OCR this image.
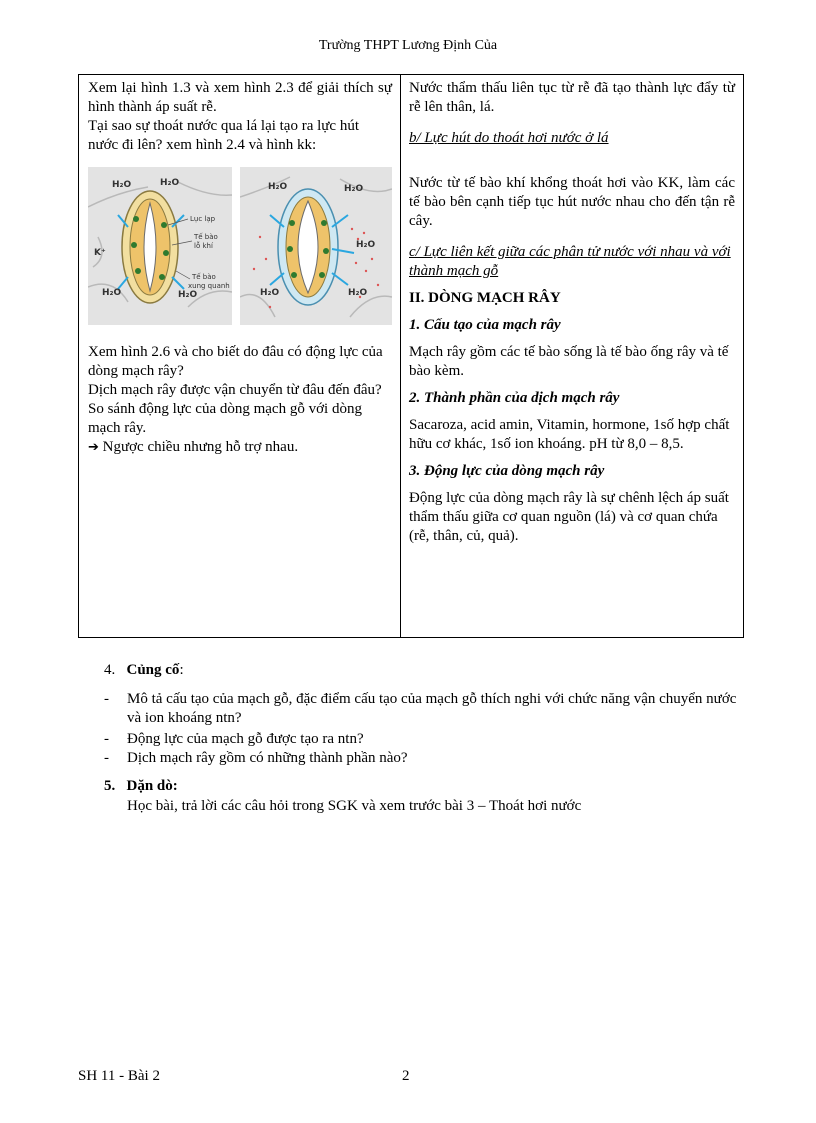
Trường THPT Lương Định Của

Xem lại hình 1.3 và xem hình 2.3 để giải thích sự hình thành áp suất rễ.

Tại sao sự thoát nước qua lá lại tạo ra lực hút nước đi lên? xem hình 2.4 và hình kk:

H₂O	H₂O
K⁺
H₂O	H₂O
Lục lạp
Tế bào
lỗ khí
Tế bào
xung quanh
H₂O	H₂O
H₂O
H₂O	H₂O

Xem hình 2.6 và cho biết do đâu có động lực của dòng mạch rây?

Dịch mạch rây được vận chuyển từ đâu đến đâu?

So sánh động lực của dòng mạch gỗ với dòng mạch rây.

➔ Ngược chiều nhưng hỗ trợ nhau.

Nước thẩm thấu liên tục từ rễ đã tạo thành lực đẩy từ rễ lên thân, lá.

b/ Lực hút do thoát hơi nước ở lá

Nước từ tế bào khí khổng thoát hơi vào KK, làm các tế bào bên cạnh tiếp tục hút nước nhau cho đến tận rễ cây.

c/ Lực liên kết giữa các phân tử nước với nhau và với thành mạch gỗ

II. DÒNG MẠCH RÂY

1. Cấu tạo của mạch rây

Mạch rây gồm các tế bào sống là tế bào ống rây và tế bào kèm.

2. Thành phần của dịch mạch rây

Sacaroza, acid amin, Vitamin, hormone, 1số hợp chất hữu cơ khác, 1số ion khoáng. pH từ 8,0 – 8,5.

3. Động lực của dòng mạch rây

Động lực của dòng mạch rây là sự chênh lệch áp suất thẩm thấu giữa cơ quan nguồn (lá) và cơ quan chứa (rễ, thân, củ, quả).

4. Củng cố:
- Mô tả cấu tạo của mạch gỗ, đặc điểm cấu tạo của mạch gỗ thích nghi với chức năng vận chuyển nước và ion khoáng ntn?
- Động lực của mạch gỗ được tạo ra ntn?
- Dịch mạch rây gồm có những thành phần nào?
5. Dặn dò:
Học bài, trả lời các câu hỏi trong SGK và xem trước bài 3 – Thoát hơi nước
SH 11 - Bài 2	2
